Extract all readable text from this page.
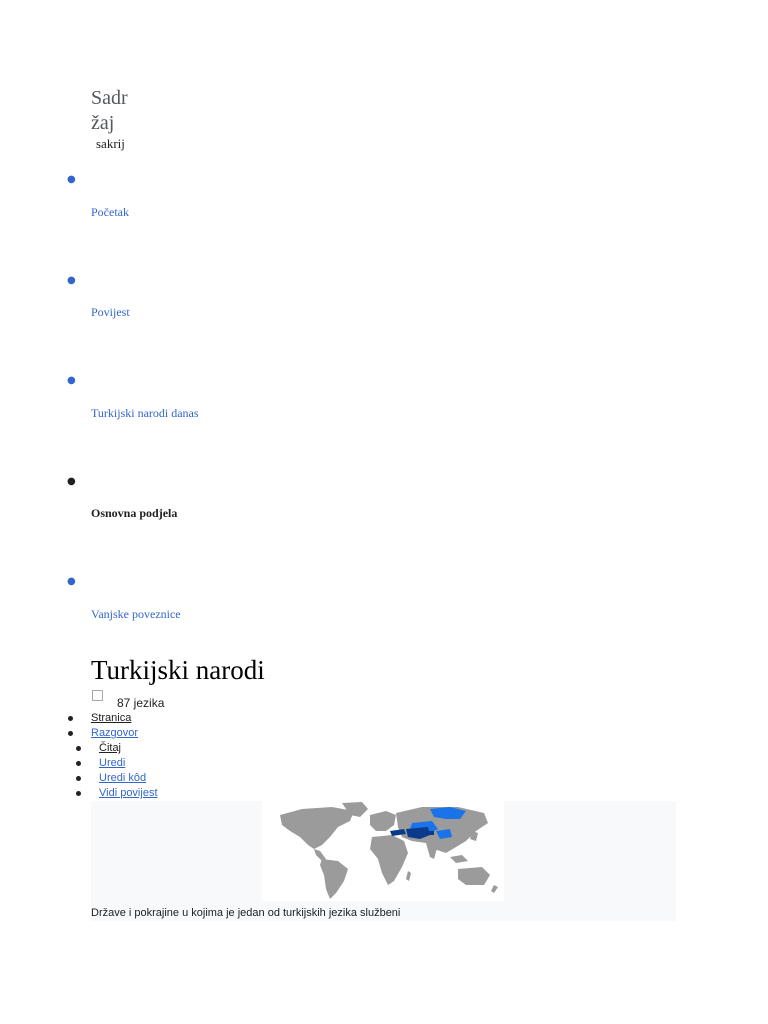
Sadržaj
sakrij
●
Početak
●
Povijest
●
Turkijski narodi danas
●
Osnovna podjela
●
Vanjske poveznice
Turkijski narodi
87 jezika
Stranica
Razgovor
Čitaj
Uredi
Uredi kôd
Vidi povijest
Države i pokrajine u kojima je jedan od turkijskih jezika službeni
